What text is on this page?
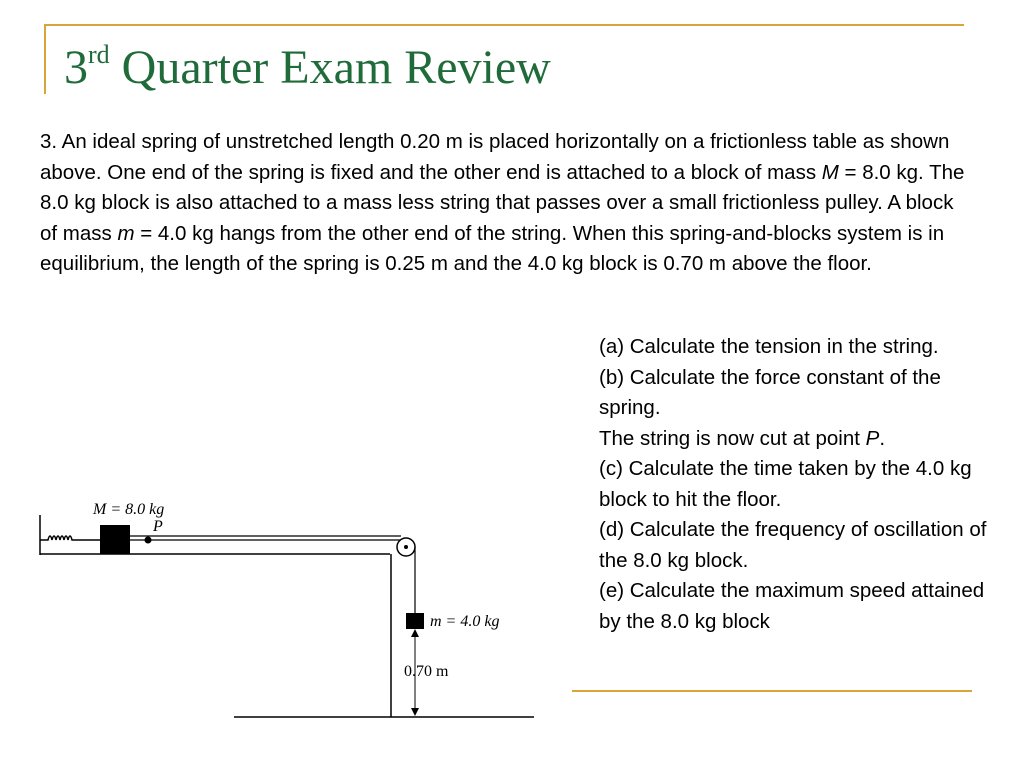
3rd Quarter Exam Review

3. An ideal spring of unstretched length 0.20 m is placed horizontally on a frictionless table as shown above. One end of the spring is fixed and the other end is attached to a block of mass M = 8.0 kg. The 8.0 kg block is also attached to a mass less string that passes over a small frictionless pulley. A block of mass m = 4.0 kg hangs from the other end of the string. When this spring-and-blocks system is in equilibrium, the length of the spring is 0.25 m and the 4.0 kg block is 0.70 m above the floor.

(a) Calculate the tension in the string.
(b) Calculate the force constant of the spring.
The string is now cut at point P.
(c) Calculate the time taken by the 4.0 kg block to hit the floor.
(d) Calculate the frequency of oscillation of the 8.0 kg block.
(e) Calculate the maximum speed attained by the 8.0 kg block
M = 8.0 kg
P
m = 4.0 kg
0.70 m
